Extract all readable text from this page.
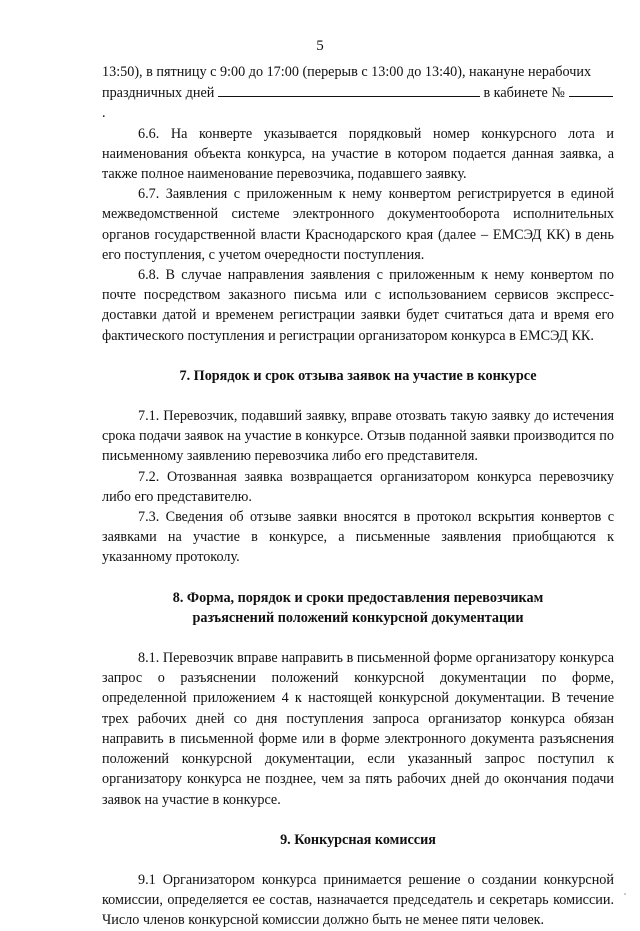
5

13:50), в пятницу с 9:00 до 17:00 (перерыв с 13:00 до 13:40), накануне нерабочих

праздничных дней	в кабинете № .

6.6. На конверте указывается порядковый номер конкурсного лота и наименования объекта конкурса, на участие в котором подается данная заявка, а также полное наименование перевозчика, подавшего заявку.

6.7. Заявления с приложенным к нему конвертом регистрируется в единой межведомственной системе электронного документооборота исполнительных органов государственной власти Краснодарского края (далее – ЕМСЭД КК) в день его поступления, с учетом очередности поступления.

6.8. В случае направления заявления с приложенным к нему конвертом по почте посредством заказного письма или с использованием сервисов экспресс-доставки датой и временем регистрации заявки будет считаться дата и время его фактического поступления и регистрации организатором конкурса в ЕМСЭД КК.

7. Порядок и срок отзыва заявок на участие в конкурсе

7.1. Перевозчик, подавший заявку, вправе отозвать такую заявку до истечения срока подачи заявок на участие в конкурсе. Отзыв поданной заявки производится по письменному заявлению перевозчика либо его представителя.

7.2. Отозванная заявка возвращается организатором конкурса перевозчику либо его представителю.

7.3. Сведения об отзыве заявки вносятся в протокол вскрытия конвертов с заявками на участие в конкурсе, а письменные заявления приобщаются к указанному протоколу.

8. Форма, порядок и сроки предоставления перевозчикам

разъяснений положений конкурсной документации

8.1. Перевозчик вправе направить в письменной форме организатору конкурса запрос о разъяснении положений конкурсной документации по форме, определенной приложением 4 к настоящей конкурсной документации. В течение трех рабочих дней со дня поступления запроса организатор конкурса обязан направить в письменной форме или в форме электронного документа разъяснения положений конкурсной документации, если указанный запрос поступил к организатору конкурса не позднее, чем за пять рабочих дней до окончания подачи заявок на участие в конкурсе.

9. Конкурсная комиссия

9.1 Организатором конкурса принимается решение о создании конкурсной комиссии, определяется ее состав, назначается председатель и секретарь комиссии. Число членов конкурсной комиссии должно быть не менее пяти человек.
